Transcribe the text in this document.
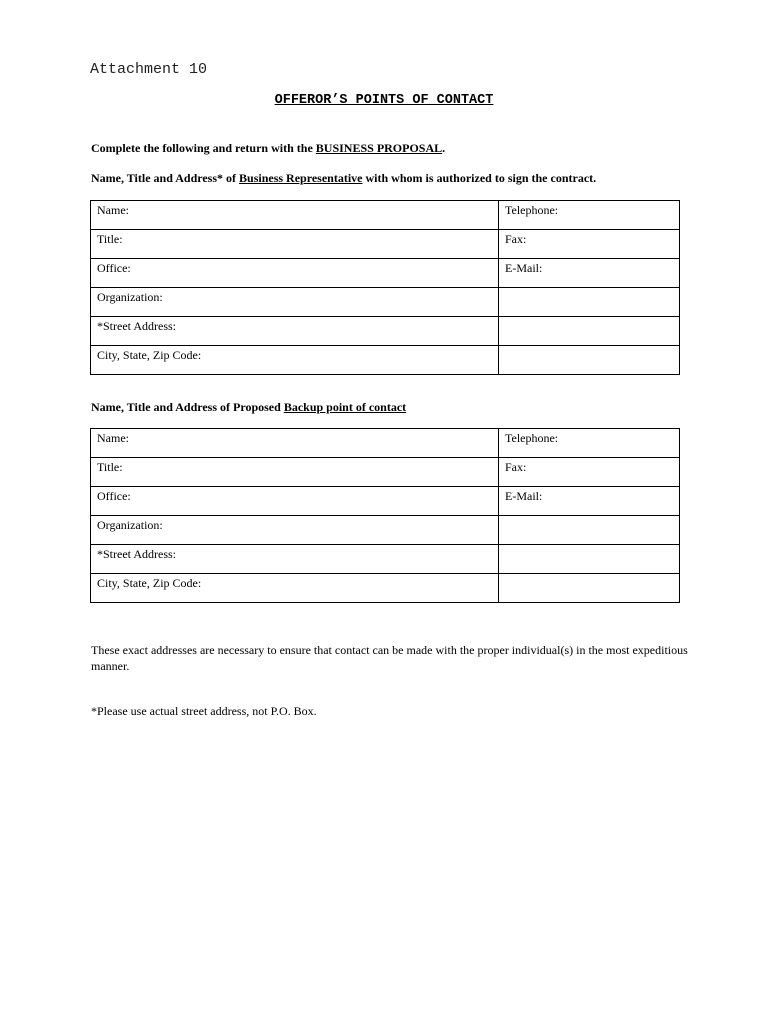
Attachment 10
OFFEROR’S POINTS OF CONTACT
Complete the following and return with the BUSINESS PROPOSAL.
Name, Title and Address* of Business Representative with whom is authorized to sign the contract.
Name:	Telephone:
Title:	Fax:
Office:	E-Mail:
Organization:	
*Street Address:	
City, State, Zip Code:	
Name, Title and Address of Proposed Backup point of contact
Name:	Telephone:
Title:	Fax:
Office:	E-Mail:
Organization:	
*Street Address:	
City, State, Zip Code:	
These exact addresses are necessary to ensure that contact can be made with the proper individual(s) in the most expeditious manner.
*Please use actual street address, not P.O. Box.
